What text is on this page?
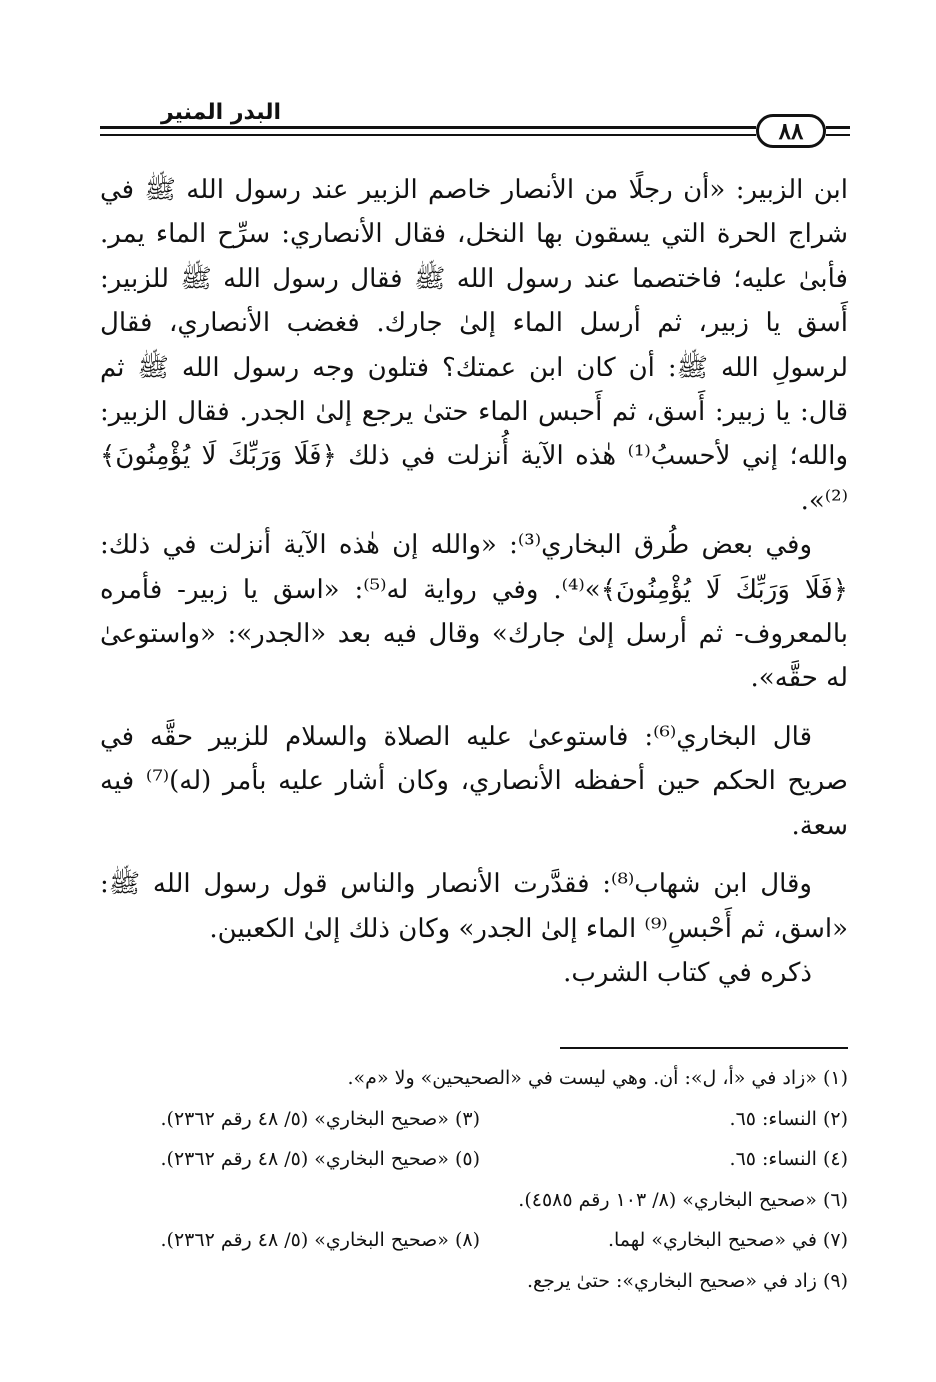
البدر المنير
٨٨

ابن الزبير: «أن رجلًا من الأنصار خاصم الزبير عند رسول الله ﷺ في شراج الحرة التي يسقون بها النخل، فقال الأنصاري: سرِّح الماء يمر. فأبىٰ عليه؛ فاختصما عند رسول الله ﷺ فقال رسول الله ﷺ للزبير: أَسق يا زبير، ثم أرسل الماء إلىٰ جارك. فغضب الأنصاري، فقال لرسولِ الله ﷺ: أن كان ابن عمتك؟ فتلون وجه رسول الله ﷺ ثم قال: يا زبير: أَسق، ثم أَحبس الماء حتىٰ يرجع إلىٰ الجدر. فقال الزبير: والله؛ إني لأحسبُ⁽¹⁾ هٰذه الآية أُنزلت في ذلك ﴿فَلَا وَرَبِّكَ لَا يُؤْمِنُونَ﴾⁽²⁾».

وفي بعض طُرق البخاري⁽³⁾: «والله إن هٰذه الآية أنزلت في ذلك: ﴿فَلَا وَرَبِّكَ لَا يُؤْمِنُونَ﴾»⁽⁴⁾. وفي رواية له⁽⁵⁾: «اسق يا زبير- فأمره بالمعروف- ثم أرسل إلىٰ جارك» وقال فيه بعد «الجدر»: «واستوعىٰ له حقَّه».

قال البخاري⁽⁶⁾: فاستوعىٰ عليه الصلاة والسلام للزبير حقَّه في صريح الحكم حين أحفظه الأنصاري، وكان أشار عليه بأمر (له)⁽⁷⁾ فيه سعة.

وقال ابن شهاب⁽⁸⁾: فقدَّرت الأنصار والناس قول رسول الله ﷺ: «اسق، ثم أَحْبسِ⁽⁹⁾ الماء إلىٰ الجدر» وكان ذلك إلىٰ الكعبين.

ذكره في كتاب الشرب.

(١) «زاد في «أ، ل»: أن. وهي ليست في «الصحيحين» ولا «م».
(٢) النساء: ٦٥.
(٣) «صحيح البخاري» (٥/ ٤٨ رقم ٢٣٦٢).
(٤) النساء: ٦٥.
(٥) «صحيح البخاري» (٥/ ٤٨ رقم ٢٣٦٢).
(٦) «صحيح البخاري» (٨/ ١٠٣ رقم ٤٥٨٥).
(٧) في «صحيح البخاري» لهما.
(٨) «صحيح البخاري» (٥/ ٤٨ رقم ٢٣٦٢).
(٩) زاد في «صحيح البخاري»: حتىٰ يرجع.
